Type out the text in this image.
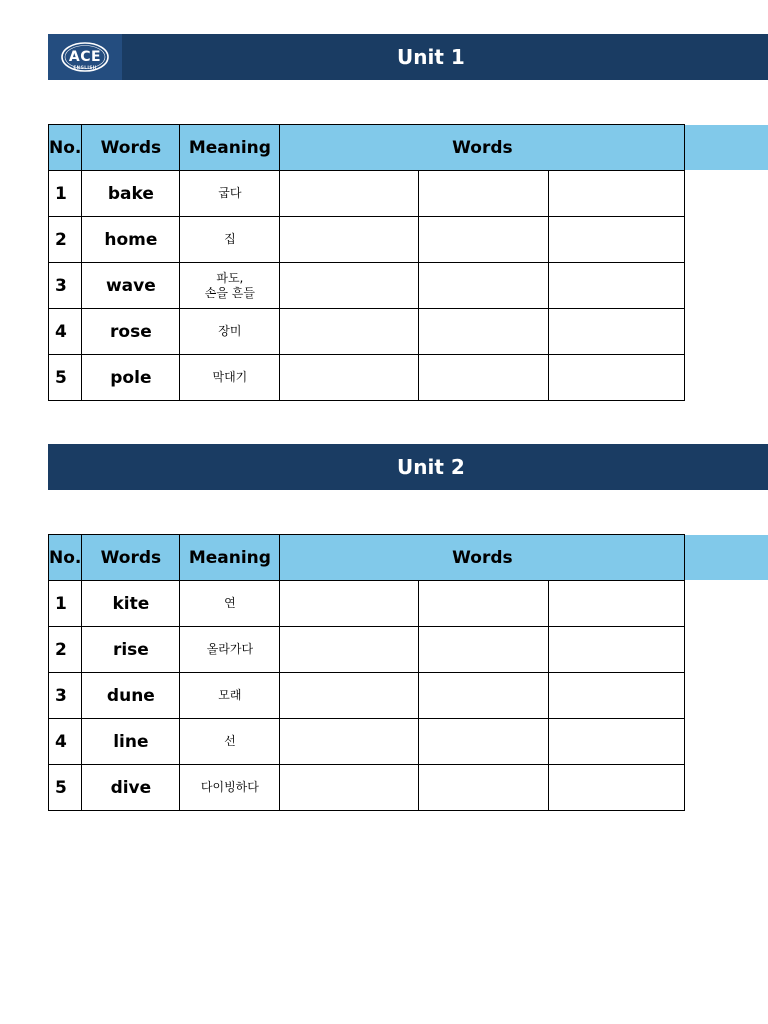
ACE
ENGLISH	Unit 1
No.	Words	Meaning	Words		
1	bake	굽다			
2	home	집			
3	wave	파도,
손을 흔들			
4	rose	장미			
5	pole	막대기			
Unit 2
No.	Words	Meaning	Words		
1	kite	연			
2	rise	올라가다			
3	dune	모래			
4	line	선			
5	dive	다이빙하다			
